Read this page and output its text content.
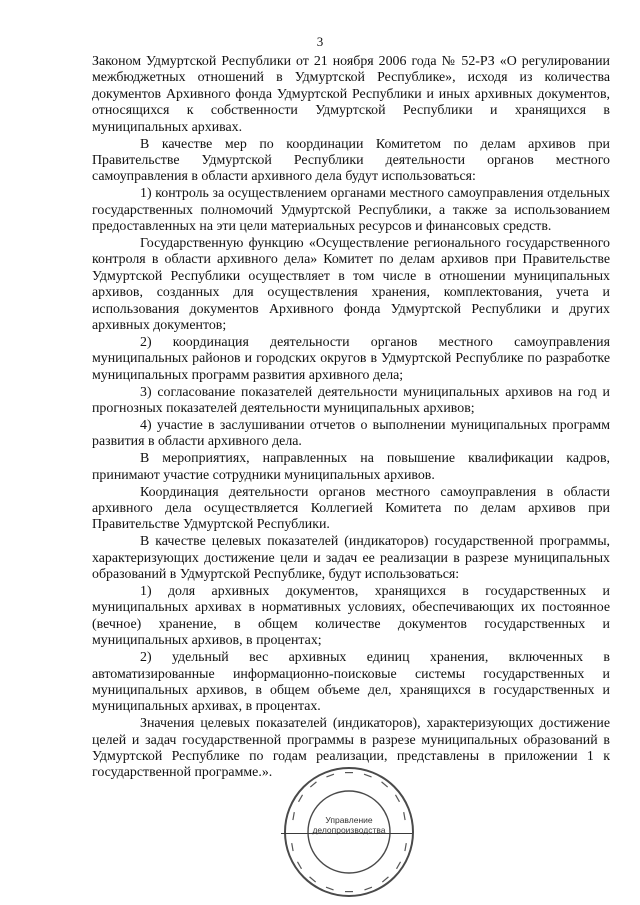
3

Законом Удмуртской Республики от 21 ноября 2006 года № 52-РЗ «О регулировании межбюджетных отношений в Удмуртской Республике», исходя из количества документов Архивного фонда Удмуртской Республики и иных архивных документов, относящихся к собственности Удмуртской Республики и хранящихся в муниципальных архивах.

В качестве мер по координации Комитетом по делам архивов при Правительстве Удмуртской Республики деятельности органов местного самоуправления в области архивного дела будут использоваться:

1) контроль за осуществлением органами местного самоуправления отдельных государственных полномочий Удмуртской Республики, а также за использованием предоставленных на эти цели материальных ресурсов и финансовых средств.

Государственную функцию «Осуществление регионального государственного контроля в области архивного дела» Комитет по делам архивов при Правительстве Удмуртской Республики осуществляет в том числе в отношении муниципальных архивов, созданных для осуществления хранения, комплектования, учета и использования документов Архивного фонда Удмуртской Республики и других архивных документов;

2) координация деятельности органов местного самоуправления муниципальных районов и городских округов в Удмуртской Республике по разработке муниципальных программ развития архивного дела;

3) согласование показателей деятельности муниципальных архивов на год и прогнозных показателей деятельности муниципальных архивов;

4) участие в заслушивании отчетов о выполнении муниципальных программ развития в области архивного дела.

В мероприятиях, направленных на повышение квалификации кадров, принимают участие сотрудники муниципальных архивов.

Координация деятельности органов местного самоуправления в области архивного дела осуществляется Коллегией Комитета по делам архивов при Правительстве Удмуртской Республики.

В качестве целевых показателей (индикаторов) государственной программы, характеризующих достижение цели и задач ее реализации в разрезе муниципальных образований в Удмуртской Республике, будут использоваться:

1) доля архивных документов, хранящихся в государственных и муниципальных архивах в нормативных условиях, обеспечивающих их постоянное (вечное) хранение, в общем количестве документов государственных и муниципальных архивов, в процентах;

2) удельный вес архивных единиц хранения, включенных в автоматизированные информационно-поисковые системы государственных и муниципальных архивов, в общем объеме дел, хранящихся в государственных и муниципальных архивах, в процентах.

Значения целевых показателей (индикаторов), характеризующих достижение целей и задач государственной программы в разрезе муниципальных образований в Удмуртской Республике по годам реализации, представлены в приложении 1 к государственной программе.».

Управление
делопроизводства
